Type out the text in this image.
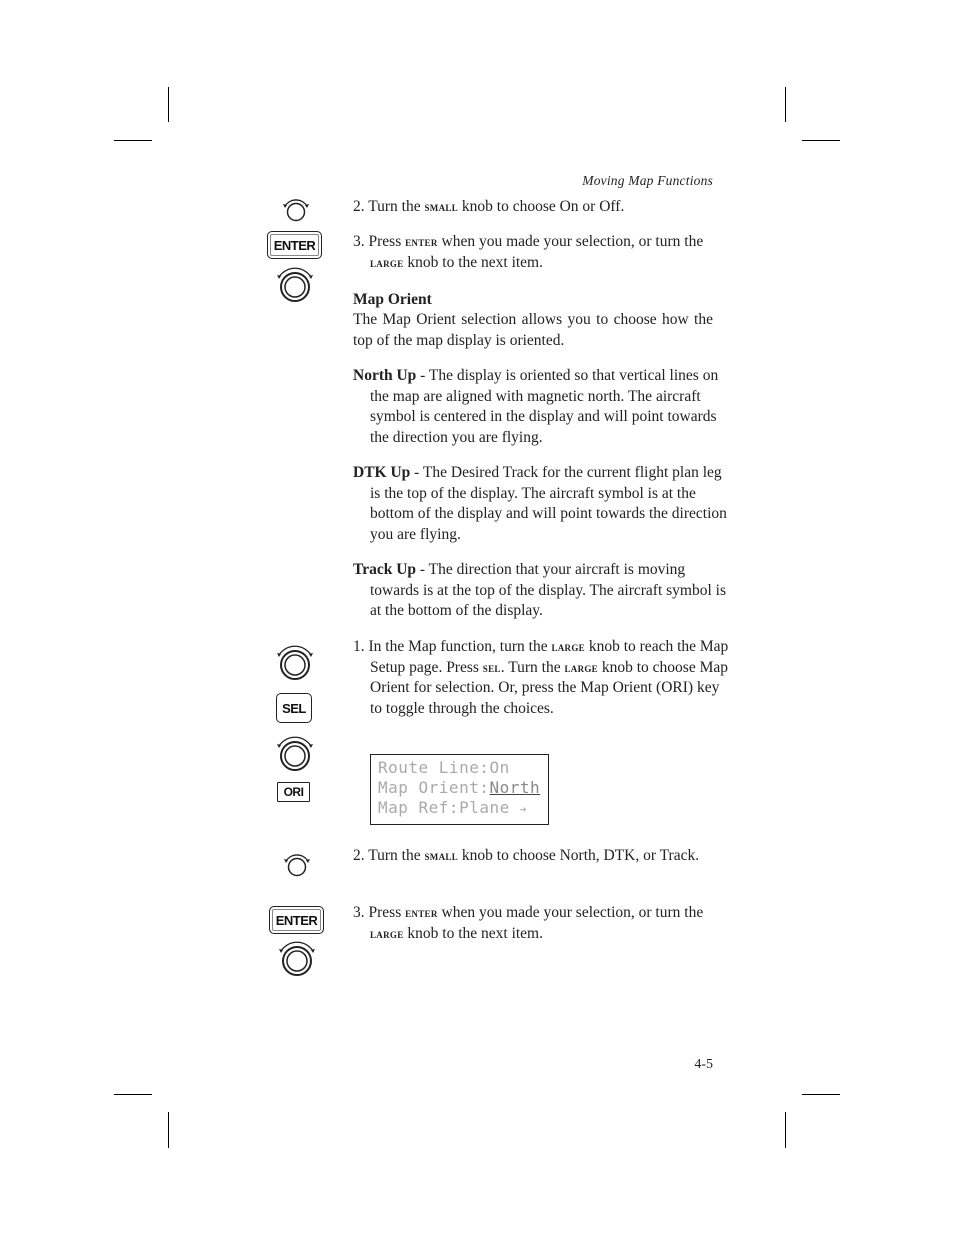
Moving Map Functions
ENTER
SEL
ORI
ENTER
2. Turn the small knob to choose On or Off.
3. Press enter when you made your selection, or turn the large knob to the next item.
Map Orient
The Map Orient selection allows you to choose how the top of the map display is oriented.
North Up - The display is oriented so that vertical lines on the map are aligned with magnetic north. The aircraft symbol is centered in the display and will point towards the direction you are flying.
DTK Up - The Desired Track for the current flight plan leg is the top of the display. The aircraft symbol is at the bottom of the display and will point towards the direction you are flying.
Track Up - The direction that your aircraft is moving towards is at the top of the display. The aircraft symbol is at the bottom of the display.
1. In the Map function, turn the large knob to reach the Map Setup page. Press sel. Turn the large knob to choose Map Orient for selection. Or, press the Map Orient (ORI) key to toggle through the choices.
Route Line:On
Map Orient:North
Map Ref:Plane ➔
2. Turn the small knob to choose North, DTK, or Track.
3. Press enter when you made your selection, or turn the large knob to the next item.
4-5
